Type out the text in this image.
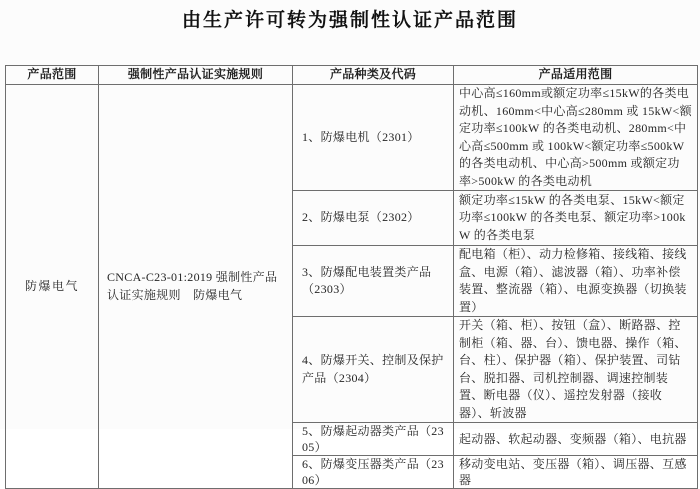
由生产许可转为强制性认证产品范围
产品范围	强制性产品认证实施规则	产品种类及代码	产品适用范围
防爆电气	CNCA-C23-01:2019 强制性产品认证实施规则　防爆电气	1、防爆电机（2301）	中心高≤160mm或额定功率≤15kW的各类电动机、160mm<中心高≤280mm 或 15kW<额定功率≤100kW 的各类电动机、280mm<中心高≤500mm 或 100kW<额定功率≤500kW 的各类电动机、中心高>500mm 或额定功率>500kW 的各类电动机
		2、防爆电泵（2302）	额定功率≤15kW 的各类电泵、15kW<额定功率≤100kW 的各类电泵、额定功率>100kW 的各类电泵
		3、防爆配电装置类产品（2303）	配电箱（柜）、动力检修箱、接线箱、接线盒、电源（箱）、滤波器（箱）、功率补偿装置、整流器（箱）、电源变换器（切换装置）
		4、防爆开关、控制及保护产品（2304）	开关（箱、柜）、按钮（盒）、断路器、控制柜（箱、器、台）、馈电器、操作（箱、台、柱）、保护器（箱）、保护装置、司钻台、脱扣器、司机控制器、调速控制装置、断电器（仪）、遥控发射器（接收器）、斩波器
		5、防爆起动器类产品（2305）	起动器、软起动器、变频器（箱）、电抗器
		6、防爆变压器类产品（2306）	移动变电站、变压器（箱）、调压器、互感器
